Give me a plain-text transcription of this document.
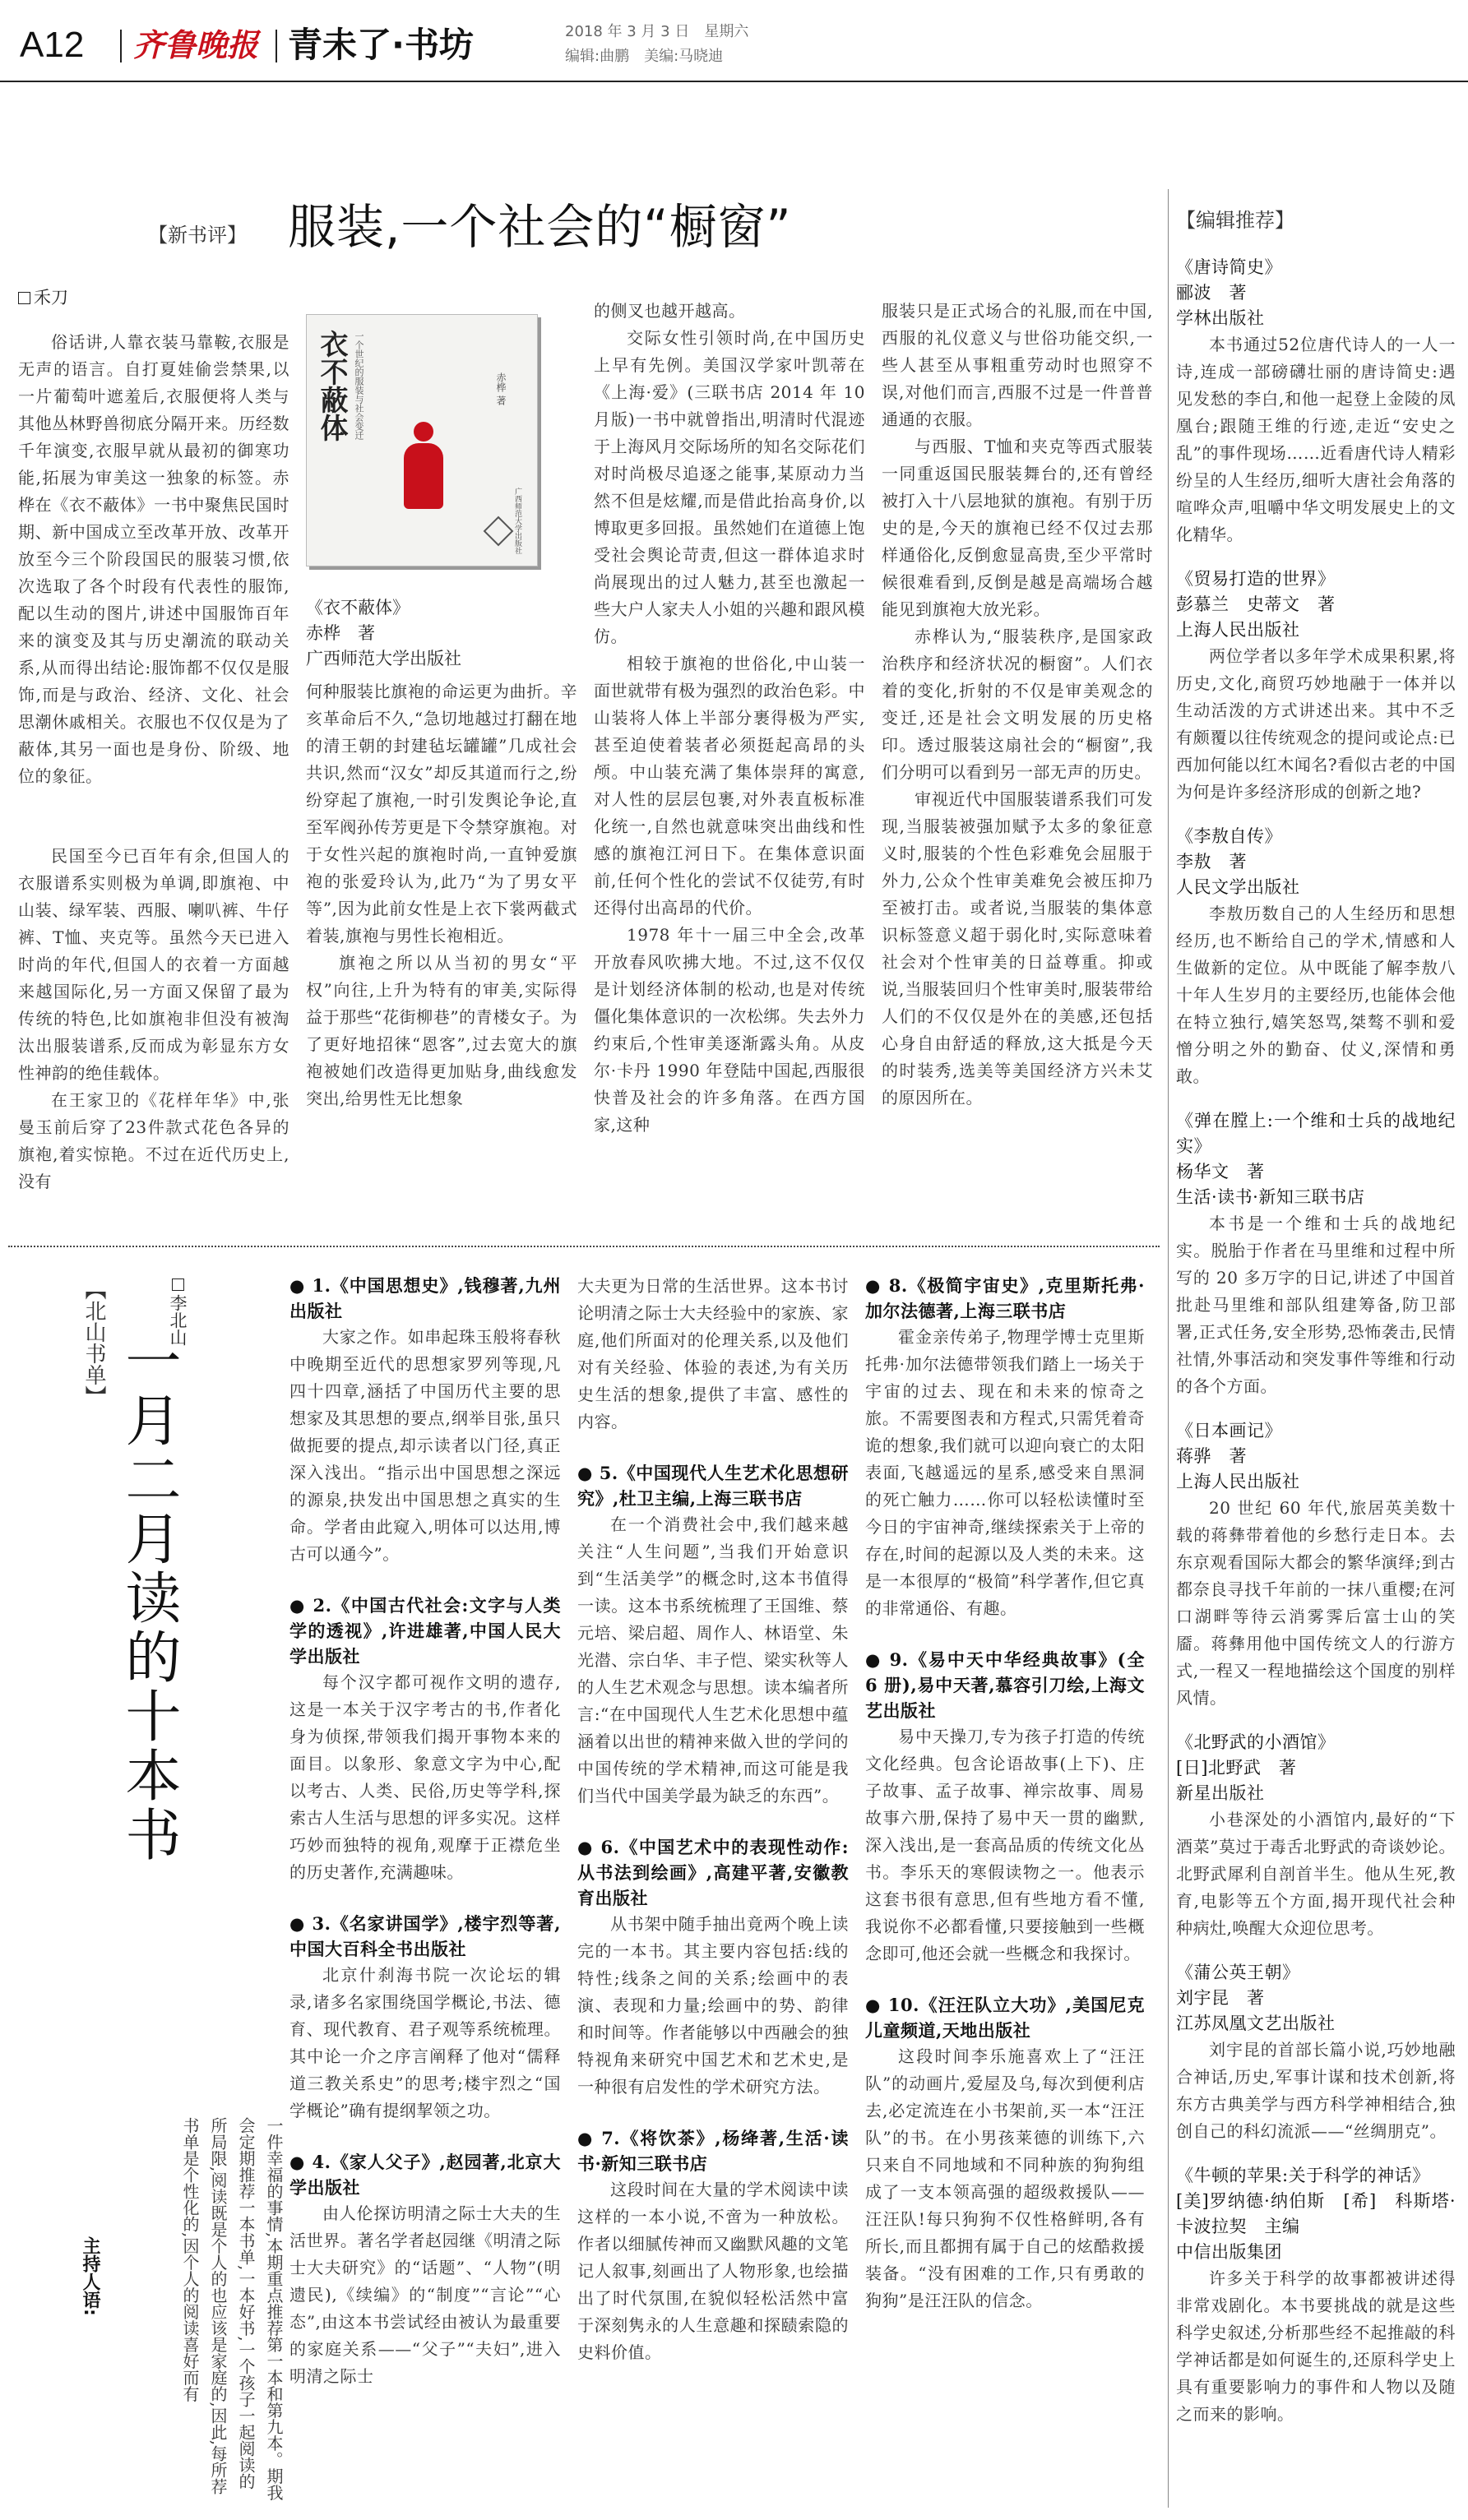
A12 齐鲁晚报 青未了·书坊	2018 年 3 月 3 日　星期六
编辑:曲鹏　美编:马晓迪
【新书评】 服装,一个社会的“橱窗”
禾刀

俗话讲,人靠衣装马靠鞍,衣服是无声的语言。自打夏娃偷尝禁果,以一片葡萄叶遮羞后,衣服便将人类与其他丛林野兽彻底分隔开来。历经数千年演变,衣服早就从最初的御寒功能,拓展为审美这一独象的标签。赤桦在《衣不蔽体》一书中聚焦民国时期、新中国成立至改革开放、改革开放至今三个阶段国民的服装习惯,依次选取了各个时段有代表性的服饰,配以生动的图片,讲述中国服饰百年来的演变及其与历史潮流的联动关系,从而得出结论:服饰都不仅仅是服饰,而是与政治、经济、文化、社会思潮休戚相关。衣服也不仅仅是为了蔽体,其另一面也是身份、阶级、地位的象征。

衣不蔽体 一个世纪的服装与社会变迁	赤桦 著
广西师范大学出版社
《衣不蔽体》
赤桦　著
广西师范大学出版社

民国至今已百年有余,但国人的衣服谱系实则极为单调,即旗袍、中山装、绿军装、西服、喇叭裤、牛仔裤、T恤、夹克等。虽然今天已进入时尚的年代,但国人的衣着一方面越来越国际化,另一方面又保留了最为传统的特色,比如旗袍非但没有被淘汰出服装谱系,反而成为彰显东方女性神韵的绝佳载体。

在王家卫的《花样年华》中,张曼玉前后穿了23件款式花色各异的旗袍,着实惊艳。不过在近代历史上,没有

何种服装比旗袍的命运更为曲折。辛亥革命后不久,“急切地越过打翻在地的清王朝的封建毡坛罐罐”几成社会共识,然而“汉女”却反其道而行之,纷纷穿起了旗袍,一时引发舆论争论,直至军阀孙传芳更是下令禁穿旗袍。对于女性兴起的旗袍时尚,一直钟爱旗袍的张爱玲认为,此乃“为了男女平等”,因为此前女性是上衣下裳两截式着装,旗袍与男性长袍相近。

旗袍之所以从当初的男女“平权”向往,上升为特有的审美,实际得益于那些“花街柳巷”的青楼女子。为了更好地招徕“恩客”,过去宽大的旗袍被她们改造得更加贴身,曲线愈发突出,给男性无比想象

的侧叉也越开越高。

交际女性引领时尚,在中国历史上早有先例。美国汉学家叶凯蒂在《上海·爱》(三联书店 2014 年 10 月版)一书中就曾指出,明清时代混迹于上海风月交际场所的知名交际花们对时尚极尽追逐之能事,某原动力当然不但是炫耀,而是借此抬高身价,以博取更多回报。虽然她们在道德上饱受社会舆论苛责,但这一群体追求时尚展现出的过人魅力,甚至也激起一些大户人家夫人小姐的兴趣和跟风模仿。

相较于旗袍的世俗化,中山装一面世就带有极为强烈的政治色彩。中山装将人体上半部分裹得极为严实,甚至迫使着装者必须挺起高昂的头颅。中山装充满了集体崇拜的寓意,对人性的层层包裹,对外表直板标准化统一,自然也就意味突出曲线和性感的旗袍江河日下。在集体意识面前,任何个性化的尝试不仅徒劳,有时还得付出高昂的代价。

1978 年十一届三中全会,改革开放春风吹拂大地。不过,这不仅仅是计划经济体制的松动,也是对传统僵化集体意识的一次松绑。失去外力约束后,个性审美逐渐露头角。从皮尔·卡丹 1990 年登陆中国起,西服很快普及社会的许多角落。在西方国家,这种

服装只是正式场合的礼服,而在中国,西服的礼仪意义与世俗功能交织,一些人甚至从事粗重劳动时也照穿不误,对他们而言,西服不过是一件普普通通的衣服。

与西服、T恤和夹克等西式服装一同重返国民服装舞台的,还有曾经被打入十八层地狱的旗袍。有别于历史的是,今天的旗袍已经不仅过去那样通俗化,反倒愈显高贵,至少平常时候很难看到,反倒是越是高端场合越能见到旗袍大放光彩。

赤桦认为,“服装秩序,是国家政治秩序和经济状况的橱窗”。人们衣着的变化,折射的不仅是审美观念的变迁,还是社会文明发展的历史格印。透过服装这扇社会的“橱窗”,我们分明可以看到另一部无声的历史。

审视近代中国服装谱系我们可发现,当服装被强加赋予太多的象征意义时,服装的个性色彩难免会屈服于外力,公众个性审美难免会被压抑乃至被打击。或者说,当服装的集体意识标签意义超于弱化时,实际意味着社会对个性审美的日益尊重。抑或说,当服装回归个性审美时,服装带给人们的不仅仅是外在的美感,还包括心身自由舒适的释放,这大抵是今天的时装秀,选美等美国经济方兴未艾的原因所在。

【北山书单】	李北山
一月二月读的十本书
主持人语:	一件幸福的事情,本期重点推荐第一本和第九本。期我会定期推荐一本书单,一本好书,一个孩子一起阅读的所局限,阅读既是个人的也应该是家庭的,因此,每所荐书单是个性化的,因个人的阅读喜好而有

● 1.《中国思想史》,钱穆著,九州出版社

大家之作。如串起珠玉般将春秋中晚期至近代的思想家罗列等现,凡四十四章,涵括了中国历代主要的思想家及其思想的要点,纲举目张,虽只做扼要的提点,却示读者以门径,真正深入浅出。“指示出中国思想之深远的源泉,抉发出中国思想之真实的生命。学者由此窥入,明体可以达用,博古可以通今”。

● 2.《中国古代社会:文字与人类学的透视》,许进雄著,中国人民大学出版社

每个汉字都可视作文明的遗存,这是一本关于汉字考古的书,作者化身为侦探,带领我们揭开事物本来的面目。以象形、象意文字为中心,配以考古、人类、民俗,历史等学科,探索古人生活与思想的评多实况。这样巧妙而独特的视角,观摩于正襟危坐的历史著作,充满趣味。

● 3.《名家讲国学》,楼宇烈等著,中国大百科全书出版社

北京什刹海书院一次论坛的辑录,诸多名家围绕国学概论,书法、德育、现代教育、君子观等系统梳理。其中论一介之序言阐释了他对“儒释道三教关系史”的思考;楼宇烈之“国学概论”确有提纲挈领之功。

● 4.《家人父子》,赵园著,北京大学出版社

由人伦探访明清之际士大夫的生活世界。著名学者赵园继《明清之际士大夫研究》的“话题”、“人物”(明遗民),《续编》的“制度”“言论”“心态”,由这本书尝试经由被认为最重要的家庭关系——“父子”“夫妇”,进入明清之际士

大夫更为日常的生活世界。这本书讨论明清之际士大夫经验中的家族、家庭,他们所面对的伦理关系,以及他们对有关经验、体验的表述,为有关历史生活的想象,提供了丰富、感性的内容。

● 5.《中国现代人生艺术化思想研究》,杜卫主编,上海三联书店

在一个消费社会中,我们越来越关注“人生问题”,当我们开始意识到“生活美学”的概念时,这本书值得一读。这本书系统梳理了王国维、蔡元培、梁启超、周作人、林语堂、朱光潜、宗白华、丰子恺、梁实秋等人的人生艺术观念与思想。读本编者所言:“在中国现代人生艺术化思想中蕴涵着以出世的精神来做入世的学问的中国传统的学术精神,而这可能是我们当代中国美学最为缺乏的东西”。

● 6.《中国艺术中的表现性动作:从书法到绘画》,高建平著,安徽教育出版社

从书架中随手抽出竟两个晚上读完的一本书。其主要内容包括:线的特性;线条之间的关系;绘画中的表演、表现和力量;绘画中的势、韵律和时间等。作者能够以中西融会的独特视角来研究中国艺术和艺术史,是一种很有启发性的学术研究方法。

● 7.《将饮茶》,杨绛著,生活·读书·新知三联书店

这段时间在大量的学术阅读中读这样的一本小说,不啻为一种放松。作者以细腻传神而又幽默风趣的文笔记人叙事,刻画出了人物形象,也绘描出了时代氛围,在貌似轻松活然中富于深刻隽永的人生意趣和探赜索隐的史料价值。

● 8.《极简宇宙史》,克里斯托弗·加尔法德著,上海三联书店

霍金亲传弟子,物理学博士克里斯托弗·加尔法德带领我们踏上一场关于宇宙的过去、现在和未来的惊奇之旅。不需要图表和方程式,只需凭着奇诡的想象,我们就可以迎向衰亡的太阳表面,飞越遥远的星系,感受来自黑洞的死亡触力……你可以轻松读懂时至今日的宇宙神奇,继续探索关于上帝的存在,时间的起源以及人类的未来。这是一本很厚的“极简”科学著作,但它真的非常通俗、有趣。

● 9.《易中天中华经典故事》(全 6 册),易中天著,慕容引刀绘,上海文艺出版社

易中天操刀,专为孩子打造的传统文化经典。包含论语故事(上下)、庄子故事、孟子故事、禅宗故事、周易故事六册,保持了易中天一贯的幽默,深入浅出,是一套高品质的传统文化丛书。李乐天的寒假读物之一。他表示这套书很有意思,但有些地方看不懂,我说你不必都看懂,只要接触到一些概念即可,他还会就一些概念和我探讨。

● 10.《汪汪队立大功》,美国尼克儿童频道,天地出版社

这段时间李乐施喜欢上了“汪汪队”的动画片,爱屋及乌,每次到便利店去,必定流连在小书架前,买一本“汪汪队”的书。在小男孩莱德的训练下,六只来自不同地域和不同种族的狗狗组成了一支本领高强的超级救援队——汪汪队!每只狗狗不仅性格鲜明,各有所长,而且都拥有属于自己的炫酷救援装备。“没有困难的工作,只有勇敢的狗狗”是汪汪队的信念。

【编辑推荐】

《唐诗简史》

郦波　著

学林出版社

本书通过52位唐代诗人的一人一诗,连成一部磅礴壮丽的唐诗简史:遇见发愁的李白,和他一起登上金陵的凤凰台;跟随王维的行迹,走近“安史之乱”的事件现场……近看唐代诗人精彩纷呈的人生经历,细听大唐社会角落的喧哗众声,咀嚼中华文明发展史上的文化精华。

《贸易打造的世界》

彭慕兰　史蒂文　著

上海人民出版社

两位学者以多年学术成果积累,将历史,文化,商贸巧妙地融于一体并以生动活泼的方式讲述出来。其中不乏有颇覆以往传统观念的提问或论点:已西加何能以红木闻名?看似古老的中国为何是许多经济形成的创新之地?

《李敖自传》

李敖　著

人民文学出版社

李敖历数自己的人生经历和思想经历,也不断给自己的学术,情感和人生做新的定位。从中既能了解李敖八十年人生岁月的主要经历,也能体会他在特立独行,嬉笑怒骂,桀骜不驯和爱憎分明之外的勤奋、仗义,深情和勇敢。

《弹在膛上:一个维和士兵的战地纪实》

杨华文　著

生活·读书·新知三联书店

本书是一个维和士兵的战地纪实。脱胎于作者在马里维和过程中所写的 20 多万字的日记,讲述了中国首批赴马里维和部队组建筹备,防卫部署,正式任务,安全形势,恐怖袭击,民情社情,外事活动和突发事件等维和行动的各个方面。

《日本画记》

蒋骅　著

上海人民出版社

20 世纪 60 年代,旅居英美数十载的蒋彝带着他的乡愁行走日本。去东京观看国际大都会的繁华演绎;到古都奈良寻找千年前的一抹八重樱;在河口湖畔等待云消雾霁后富士山的笑靥。蒋彝用他中国传统文人的行游方式,一程又一程地描绘这个国度的别样风情。

《北野武的小酒馆》

[日]北野武　著

新星出版社

小巷深处的小酒馆内,最好的“下酒菜”莫过于毒舌北野武的奇谈妙论。北野武犀利自剖首半生。他从生死,教育,电影等五个方面,揭开现代社会种种病灶,唤醒大众迎位思考。

《蒲公英王朝》

刘宇昆　著

江苏凤凰文艺出版社

刘宇昆的首部长篇小说,巧妙地融合神话,历史,军事计谋和技术创新,将东方古典美学与西方科学神相结合,独创自己的科幻流派——“丝绸朋克”。

《牛顿的苹果:关于科学的神话》

[美]罗纳德·纳伯斯　[希]　科斯塔·卡波拉契　主编

中信出版集团

许多关于科学的故事都被讲述得非常戏剧化。本书要挑战的就是这些科学史叙述,分析那些经不起推敲的科学神话都是如何诞生的,还原科学史上具有重要影响力的事件和人物以及随之而来的影响。
